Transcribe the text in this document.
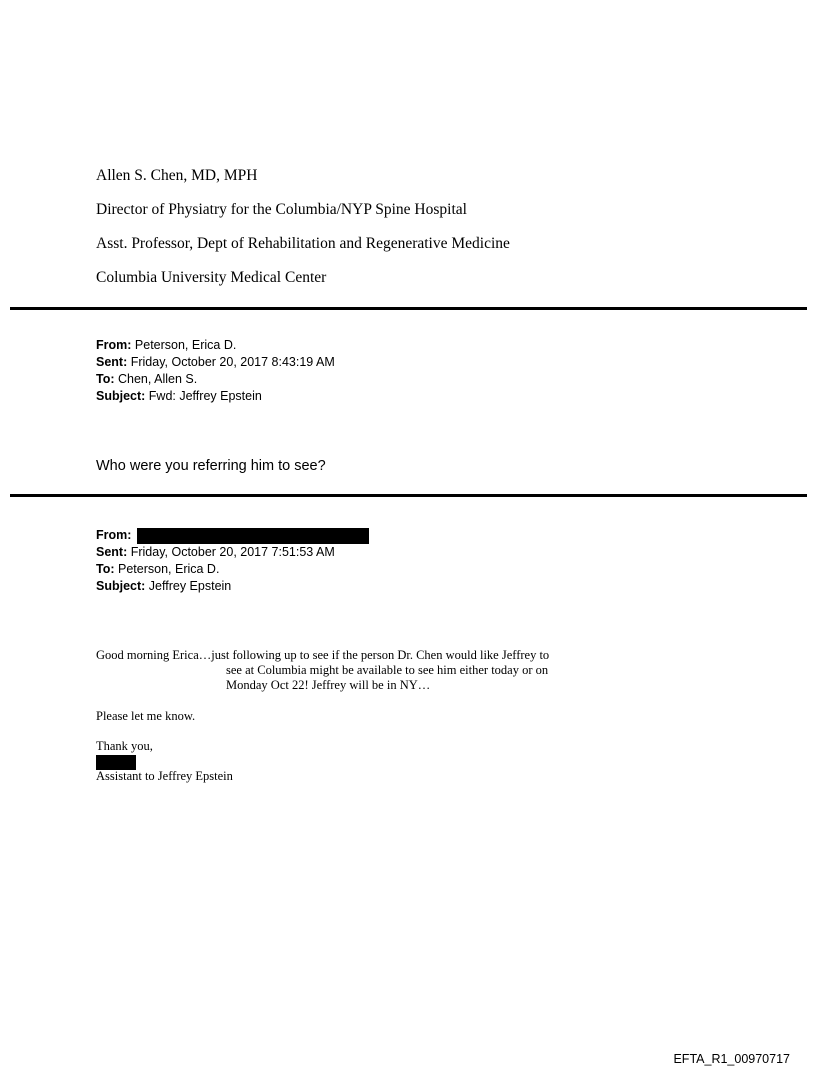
Allen S. Chen, MD, MPH
Director of Physiatry for the Columbia/NYP Spine Hospital
Asst. Professor, Dept of Rehabilitation and Regenerative Medicine
Columbia University Medical Center
From: Peterson, Erica D.
Sent: Friday, October 20, 2017 8:43:19 AM
To: Chen, Allen S.
Subject: Fwd: Jeffrey Epstein
Who were you referring him to see?
From:
Sent: Friday, October 20, 2017 7:51:53 AM
To: Peterson, Erica D.
Subject: Jeffrey Epstein
Good morning Erica…just following up to see if the person Dr. Chen would like Jeffrey to
see at Columbia might be available to see him either today or on
Monday Oct 22! Jeffrey will be in NY…
Please let me know.
Thank you,
Assistant to Jeffrey Epstein
EFTA_R1_00970717
